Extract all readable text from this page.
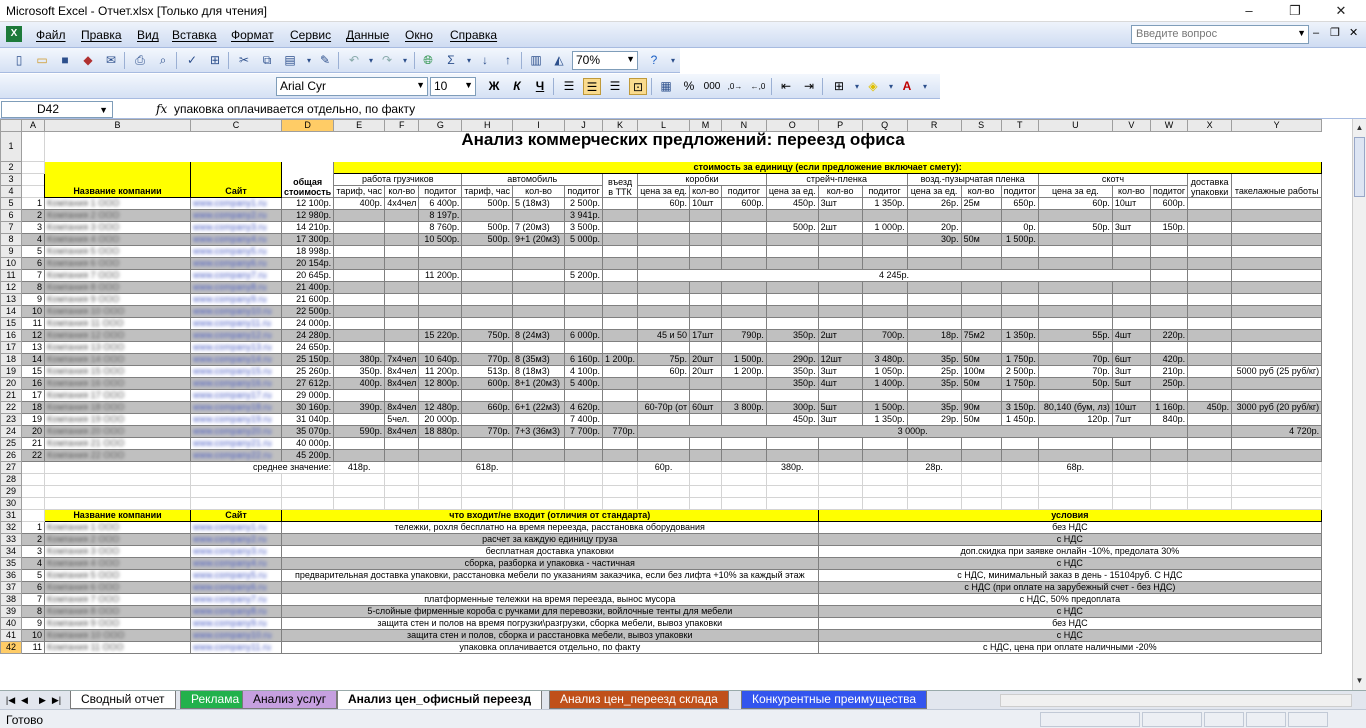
Microsoft Excel - Отчет.xlsx [Только для чтения]	–	❐	✕
X	Файл Правка Вид Вставка Формат Сервис Данные Окно Справка	Введите вопрос	▼ ‒ ❐ ✕
▯	▭	■	◆	✉	⎙	⌕	✓	⊞	✂	⧉	▤	▾ ✎	↶	▾ ↷	▾	🌐︎	Σ	▾ ↓	↑	▥	◭	70%	▼	?	▾
Arial Cyr	▼ 10 ▼ Ж	К	Ч	☰	☰	☰	⊡	▦ % 000 ,0→ ←,0	⇤	⇥	⊞	▾ ◈	▾ A	▾
D42	▼	fx упаковка оплачивается отдельно, по факту
	A	B	C	D	E	F	G	H	I	J	K	L	M	N	O	P	Q	R	S	T	U	V	W	X	Y
1		Анализ коммерческих предложений: переезд офиса																							
2		Название компании	Сайт	общая стоимость	стоимость за единицу (если предложение включает смету):																				
3					работа грузчиков			автомобиль			въезд в ТТК	коробки			стрейч-пленка			возд.-пузырчатая пленка			скотч			доставка упаковки	такелажные работы
4					тариф, час	кол-во	подитог	тариф, час	кол-во	подитог		цена за ед.	кол-во	подитог	цена за ед.	кол-во	подитог	цена за ед.	кол-во	подитог	цена за ед.	кол-во	подитог		
5	1	Компания 1 ООО	www.company1.ru	12 100р.	400р.	4х4чел	6 400р.	500р.	5 (18м3)	2 500р.		60р.	10шт	600р.	450р.	3шт	1 350р.	26р.	25м	650р.	60р.	10шт	600р.		
6	2	Компания 2 ООО	www.company2.ru	12 980р.			8 197р.			3 941р.															
7	3	Компания 3 ООО	www.company3.ru	14 210р.			8 760р.	500р.	7 (20м3)	3 500р.					500р.	2шт	1 000р.	20р.		0р.	50р.	3шт	150р.		
8	4	Компания 4 ООО	www.company4.ru	17 300р.			10 500р.	500р.	9+1 (20м3)	5 000р.								30р.	50м	1 500р.					
9	5	Компания 5 ООО	www.company5.ru	18 998р.																					
10	6	Компания 6 ООО	www.company6.ru	20 154р.																					
11	7	Компания 7 ООО	www.company7.ru	20 645р.			11 200р.			5 200р.		4 245р.													
12	8	Компания 8 ООО	www.company8.ru	21 400р.																					
13	9	Компания 9 ООО	www.company9.ru	21 600р.																					
14	10	Компания 10 ООО	www.company10.ru	22 500р.																					
15	11	Компания 11 ООО	www.company11.ru	24 000р.																					
16	12	Компания 12 ООО	www.company12.ru	24 280р.			15 220р.	750р.	8 (24м3)	6 000р.		45 и 50	17шт	790р.	350р.	2шт	700р.	18р.	75м2	1 350р.	55р.	4шт	220р.		
17	13	Компания 13 ООО	www.company13.ru	24 650р.																					
18	14	Компания 14 ООО	www.company14.ru	25 150р.	380р.	7х4чел	10 640р.	770р.	8 (35м3)	6 160р.	1 200р.	75р.	20шт	1 500р.	290р.	12шт	3 480р.	35р.	50м	1 750р.	70р.	6шт	420р.		
19	15	Компания 15 ООО	www.company15.ru	25 260р.	350р.	8х4чел	11 200р.	513р.	8 (18м3)	4 100р.		60р.	20шт	1 200р.	350р.	3шт	1 050р.	25р.	100м	2 500р.	70р.	3шт	210р.		5000 руб (25 руб/кг)
20	16	Компания 16 ООО	www.company16.ru	27 612р.	400р.	8х4чел	12 800р.	600р.	8+1 (20м3)	5 400р.					350р.	4шт	1 400р.	35р.	50м	1 750р.	50р.	5шт	250р.		
21	17	Компания 17 ООО	www.company17.ru	29 000р.																					
22	18	Компания 18 ООО	www.company18.ru	30 160р.	390р.	8х4чел	12 480р.	660р.	6+1 (22м3)	4 620р.		60-70р (от	60шт	3 800р.	300р.	5шт	1 500р.	35р.	90м	3 150р.	80,140 (бум, лз)	10шт	1 160р.	450р.	3000 руб (20 руб/кг)
23	19	Компания 19 ООО	www.company19.ru	31 040р.		5чел.	20 000р.			7 400р.					450р.	3шт	1 350р.	29р.	50м	1 450р.	120р.	7шт	840р.		
24	20	Компания 20 ООО	www.company20.ru	35 070р.	590р.	8х4чел	18 880р.	770р.	7+3 (36м3)	7 700р.	770р.	3 000р.													4 720р.
25	21	Компания 21 ООО	www.company21.ru	40 000р.																					
26	22	Компания 22 ООО	www.company22.ru	45 200р.																					
27			среднее значение:		418р.			618р.				60р.			380р.			28р.			68р.				
28																									
29																									
30																									
31		Название компании	Сайт	что входит/не входит (отличия от стандарта)												условия									
32	1	Компания 1 ООО	www.company1.ru	тележки, рохля бесплатно на время переезда, расстановка оборудования												без НДС									
33	2	Компания 2 ООО	www.company2.ru	расчет за каждую единицу груза												с НДС									
34	3	Компания 3 ООО	www.company3.ru	бесплатная доставка упаковки												доп.скидка при заявке онлайн -10%, предолата 30%									
35	4	Компания 4 ООО	www.company4.ru	сборка, разборка и упаковка - частичная												с НДС									
36	5	Компания 5 ООО	www.company5.ru	предварительная доставка упаковки, расстановка мебели по указаниям заказчика, если без лифта +10% за каждый этаж												с НДС, минимальный заказ в день - 15104руб. С НДС									
37	6	Компания 6 ООО	www.company6.ru													с НДС (при оплате на зарубежный счет - без НДС)									
38	7	Компания 7 ООО	www.company7.ru	платформенные тележки на время переезда, вынос мусора												с НДС, 50% предоплата									
39	8	Компания 8 ООО	www.company8.ru	5-слойные фирменные короба с ручками для перевозки, войлочные тенты для мебели												с НДС									
40	9	Компания 9 ООО	www.company9.ru	защита стен и полов на время погрузки\разгрузки, сборка мебели, вывоз упаковки												без НДС									
41	10	Компания 10 ООО	www.company10.ru	защита стен и полов, сборка и расстановка мебели, вывоз упаковки												с НДС									
42	11	Компания 11 ООО	www.company11.ru	упаковка оплачивается отдельно, по факту												с НДС, цена при оплате наличными -20%									
▲
▼
|◀ ◀	▶ ▶|	Сводный отчет	Реклама	Анализ услуг	Анализ цен_офисный переезд	Анализ цен_переезд склада	Конкурентные преимущества
Готово
